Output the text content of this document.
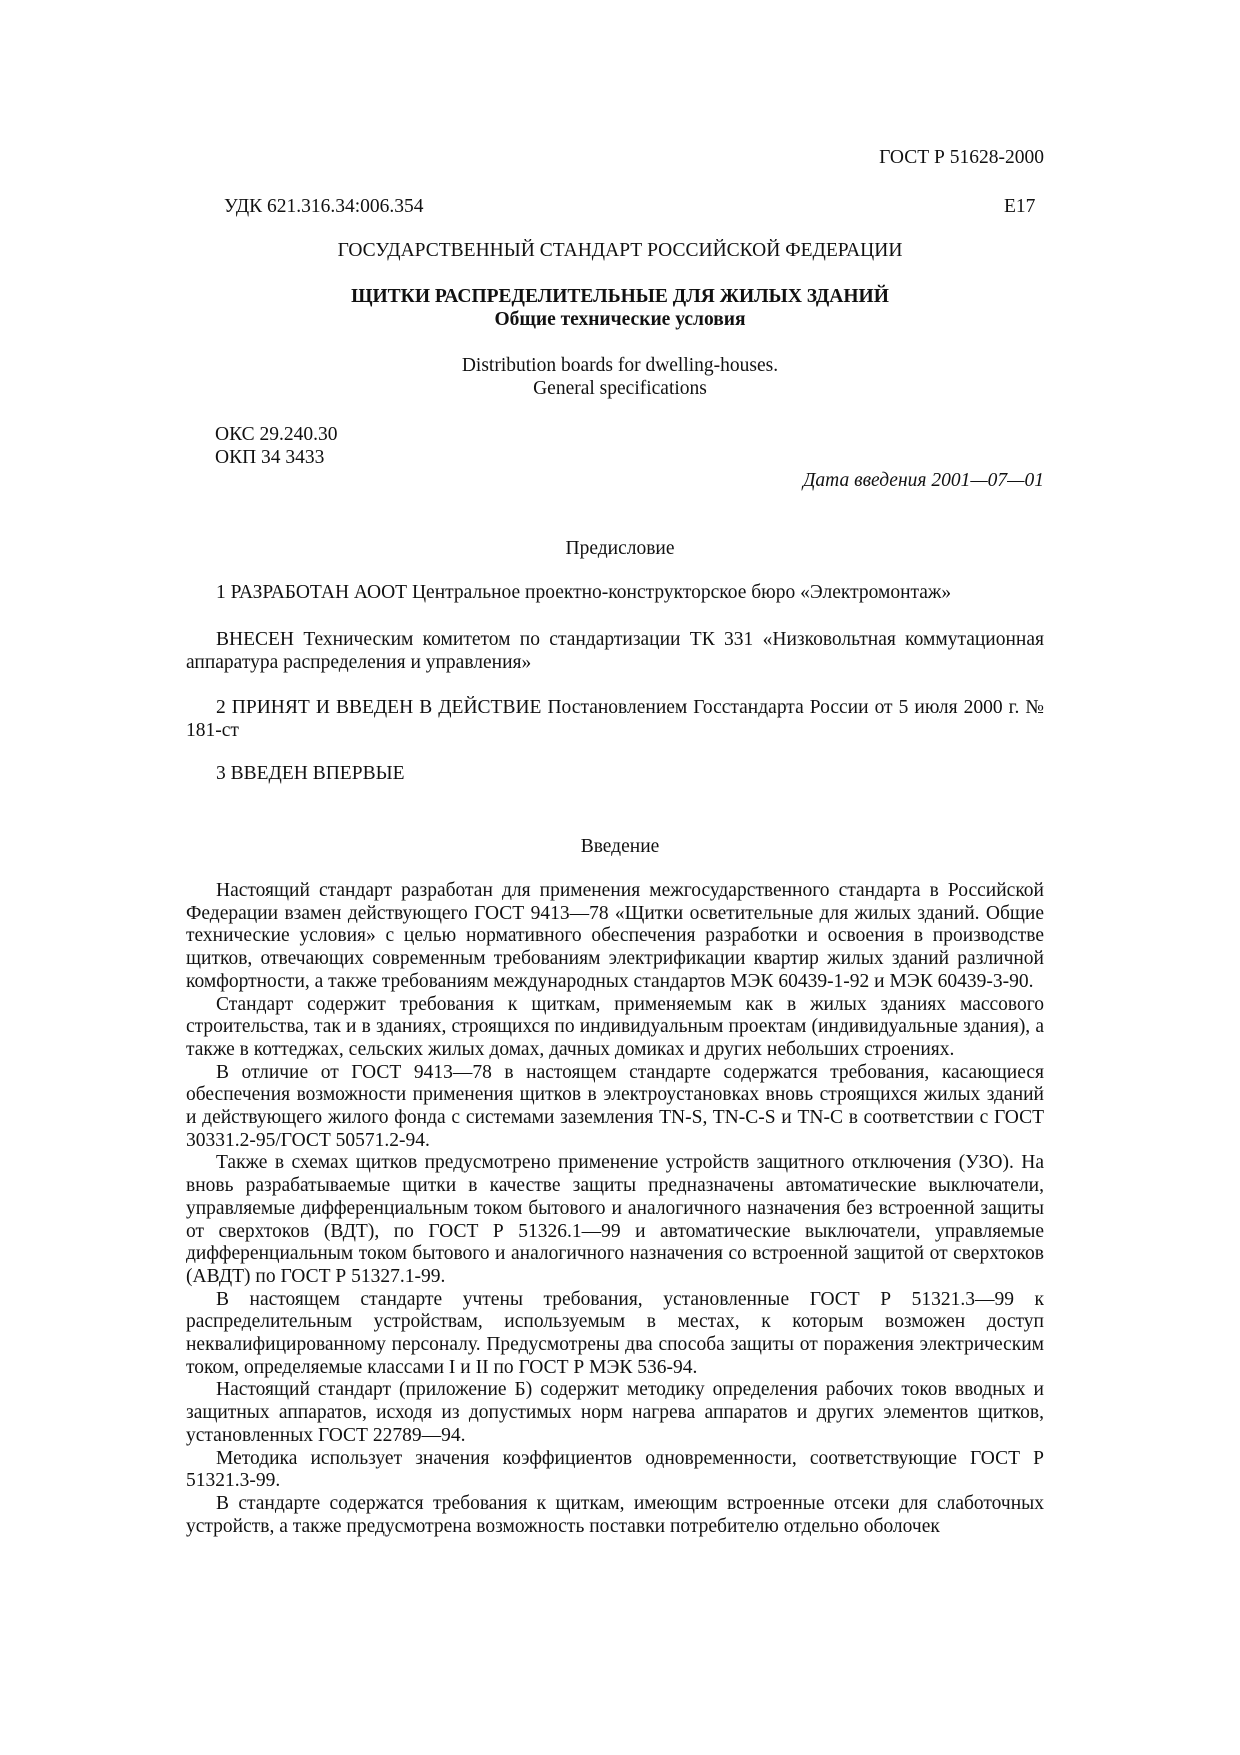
ГОСТ Р 51628-2000
УДК 621.316.34:006.354	Е17
ГОСУДАРСТВЕННЫЙ СТАНДАРТ РОССИЙСКОЙ ФЕДЕРАЦИИ
ЩИТКИ РАСПРЕДЕЛИТЕЛЬНЫЕ ДЛЯ ЖИЛЫХ ЗДАНИЙ
Общие технические условия
Distribution boards for dwelling-houses.
General specifications
ОКС 29.240.30
ОКП 34 3433
Дата введения 2001—07—01
Предисловие

1 РАЗРАБОТАН АООТ Центральное проектно-конструкторское бюро «Электромонтаж»

ВНЕСЕН Техническим комитетом по стандартизации ТК 331 «Низковольтная коммутационная аппаратура распределения и управления»

2 ПРИНЯТ И ВВЕДЕН В ДЕЙСТВИЕ Постановлением Госстандарта России от 5 июля 2000 г. № 181-ст

3 ВВЕДЕН ВПЕРВЫЕ

Введение

Настоящий стандарт разработан для применения межгосударственного стандарта в Российской Федерации взамен действующего ГОСТ 9413—78 «Щитки осветительные для жилых зданий. Общие технические условия» с целью нормативного обеспечения разработки и освоения в производстве щитков, отвечающих современным требованиям электрификации квартир жилых зданий различной комфортности, а также требованиям международных стандартов МЭК 60439-1-92 и МЭК 60439-3-90.

Стандарт содержит требования к щиткам, применяемым как в жилых зданиях массового строительства, так и в зданиях, строящихся по индивидуальным проектам (индивидуальные здания), а также в коттеджах, сельских жилых домах, дачных домиках и других небольших строениях.

В отличие от ГОСТ 9413—78 в настоящем стандарте содержатся требования, касающиеся обеспечения возможности применения щитков в электроустановках вновь строящихся жилых зданий и действующего жилого фонда с системами заземления TN-S, TN-C-S и TN-C в соответствии с ГОСТ 30331.2-95/ГОСТ 50571.2-94.

Также в схемах щитков предусмотрено применение устройств защитного отключения (УЗО). На вновь разрабатываемые щитки в качестве защиты предназначены автоматические выключатели, управляемые дифференциальным током бытового и аналогичного назначения без встроенной защиты от сверхтоков (ВДТ), по ГОСТ Р 51326.1—99 и автоматические выключатели, управляемые дифференциальным током бытового и аналогичного назначения со встроенной защитой от сверхтоков (АВДТ) по ГОСТ Р 51327.1-99.

В настоящем стандарте учтены требования, установленные ГОСТ Р 51321.3—99 к распределительным устройствам, используемым в местах, к которым возможен доступ неквалифицированному персоналу. Предусмотрены два способа защиты от поражения электрическим током, определяемые классами I и II по ГОСТ Р МЭК 536-94.

Настоящий стандарт (приложение Б) содержит методику определения рабочих токов вводных и защитных аппаратов, исходя из допустимых норм нагрева аппаратов и других элементов щитков, установленных ГОСТ 22789—94.

Методика использует значения коэффициентов одновременности, соответствующие ГОСТ Р 51321.3-99.

В стандарте содержатся требования к щиткам, имеющим встроенные отсеки для слаботочных устройств, а также предусмотрена возможность поставки потребителю отдельно оболочек
